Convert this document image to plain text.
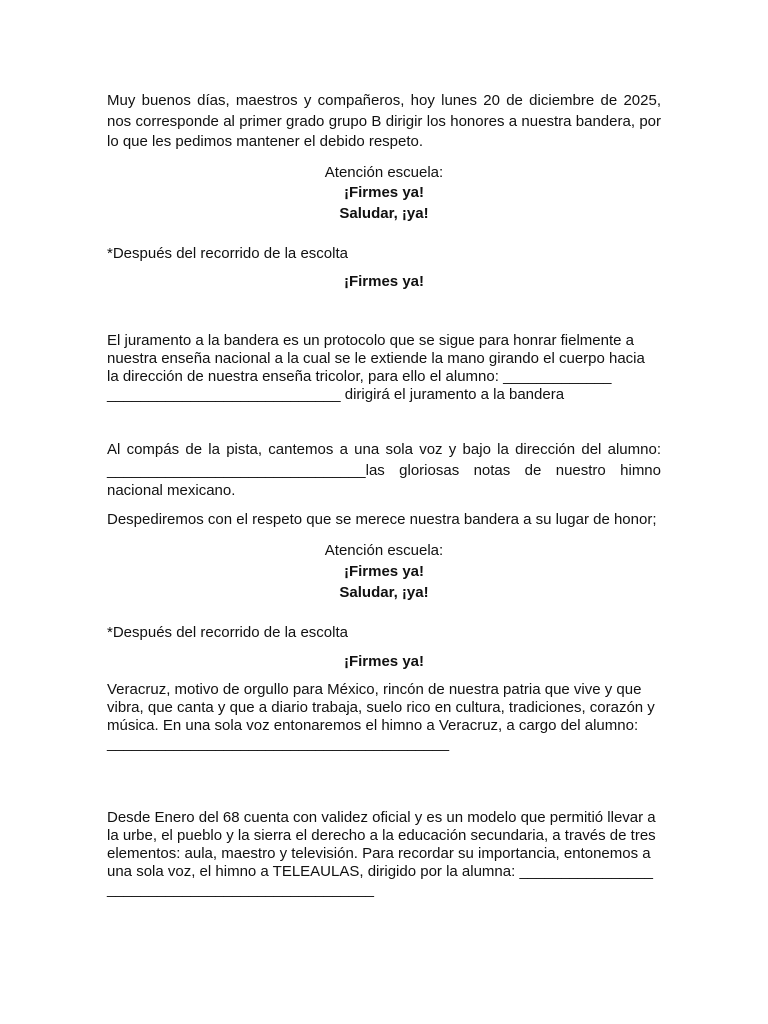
Muy buenos días, maestros y compañeros, hoy lunes 20 de diciembre de 2025,
nos corresponde al primer grado grupo B dirigir los honores a nuestra bandera, por
lo que les pedimos mantener el debido respeto.
Atención escuela:
¡Firmes ya!
Saludar, ¡ya!
*Después del recorrido de la escolta
¡Firmes ya!
El juramento a la bandera es un protocolo que se sigue para honrar fielmente a
nuestra enseña nacional a la cual se le extiende la mano girando el cuerpo hacia
la dirección de nuestra enseña tricolor, para ello el alumno: _____________
____________________________ dirigirá el juramento a la bandera
Al compás de la pista, cantemos a una sola voz y bajo la dirección del alumno:
_______________________________las gloriosas notas de nuestro himno
nacional mexicano.
Despediremos con el respeto que se merece nuestra bandera a su lugar de honor;
Atención escuela:
¡Firmes ya!
Saludar, ¡ya!
*Después del recorrido de la escolta
¡Firmes ya!
Veracruz, motivo de orgullo para México, rincón de nuestra patria que vive y que
vibra, que canta y que a diario trabaja, suelo rico en cultura, tradiciones, corazón y
música. En una sola voz entonaremos el himno a Veracruz, a cargo del alumno:
_________________________________________
Desde Enero del 68 cuenta con validez oficial y es un modelo que permitió llevar a
la urbe, el pueblo y la sierra el derecho a la educación secundaria, a través de tres
elementos: aula, maestro y televisión. Para recordar su importancia, entonemos a
una sola voz, el himno a TELEAULAS, dirigido por la alumna: ________________
________________________________
